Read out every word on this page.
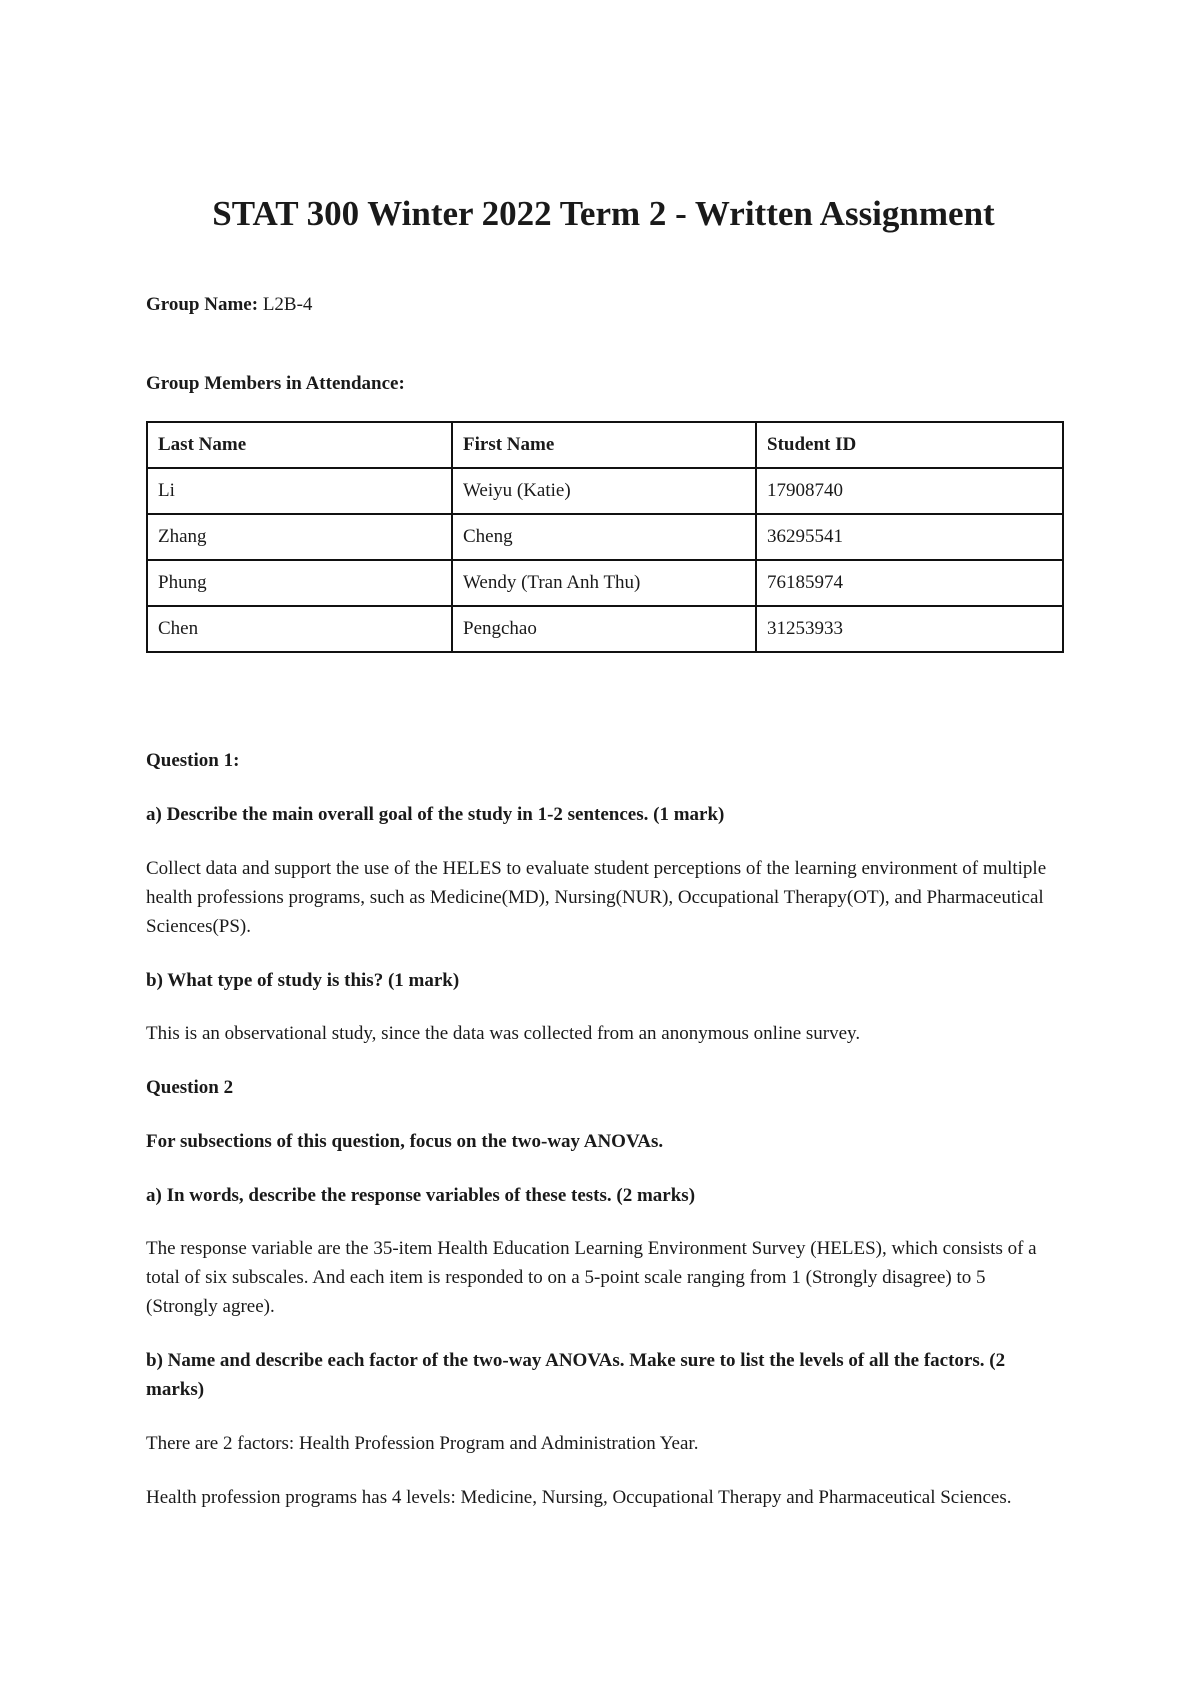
STAT 300 Winter 2022 Term 2 - Written Assignment

Group Name: L2B-4

Group Members in Attendance:

Last Name	First Name	Student ID
Li	Weiyu (Katie)	17908740
Zhang	Cheng	36295541
Phung	Wendy (Tran Anh Thu)	76185974
Chen	Pengchao	31253933

Question 1:

a) Describe the main overall goal of the study in 1-2 sentences. (1 mark)

Collect data and support the use of the HELES to evaluate student perceptions of the learning environment of multiple health professions programs, such as Medicine(MD), Nursing(NUR), Occupational Therapy(OT), and Pharmaceutical Sciences(PS).

b) What type of study is this? (1 mark)

This is an observational study, since the data was collected from an anonymous online survey.

Question 2

For subsections of this question, focus on the two-way ANOVAs.

a) In words, describe the response variables of these tests. (2 marks)

The response variable are the 35-item Health Education Learning Environment Survey (HELES), which consists of a total of six subscales. And each item is responded to on a 5-point scale ranging from 1 (Strongly disagree) to 5 (Strongly agree).

b) Name and describe each factor of the two-way ANOVAs. Make sure to list the levels of all the factors. (2 marks)

There are 2 factors: Health Profession Program and Administration Year.

Health profession programs has 4 levels: Medicine, Nursing, Occupational Therapy and Pharmaceutical Sciences.
